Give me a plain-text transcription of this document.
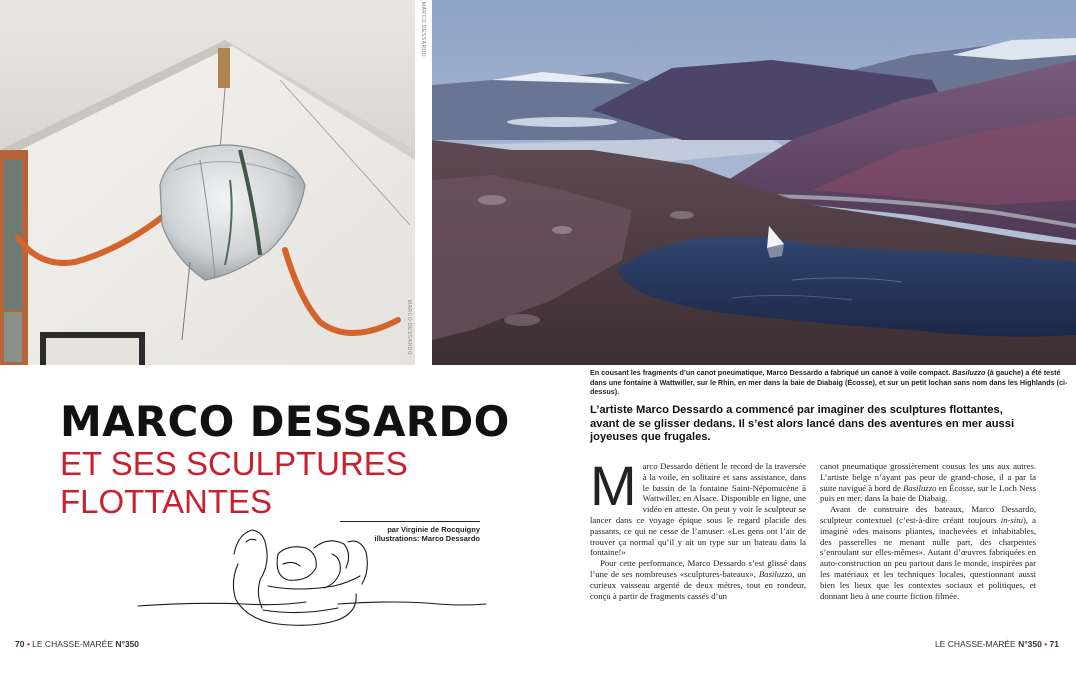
MARCO DESSARDO
MARCO DESSARDO
En cousant les fragments d’un canot pneumatique, Marco Dessardo a fabriqué un canoë à voile compact. Basiluzzo (à gauche) a été testé dans une fontaine à Wattwiller, sur le Rhin, en mer dans la baie de Diabaig (Écosse), et sur un petit lochan sans nom dans les Highlands (ci-dessus).
MARCO DESSARDO
ET SES SCULPTURES
FLOTTANTES
par Virginie de Rocquigny
illustrations: Marco Dessardo
L’artiste Marco Dessardo a commencé par imaginer des sculptures flottantes, avant de se glisser dedans. Il s’est alors lancé dans des aventures en mer aussi joyeuses que frugales.
M arco Dessardo détient le record de la traversée à la voile, en solitaire et sans assistance, dans le bassin de la fontaine Saint-Népomucène à Wattwiller, en Alsace. Disponible en ligne, une vidéo en atteste. On peut y voir le sculpteur se lancer dans ce voyage épique sous le regard placide des passants, ce qui ne cesse de l’amuser: «Les gens ont l’air de trouver ça normal qu’il y ait un type sur un bateau dans la fontaine!»
Pour cette performance, Marco Dessardo s’est glissé dans l’une de ses nombreuses «sculptures-bateaux», Basiluzzo, un curieux vaisseau argenté de deux mètres, tout en rondeur, conçu à partir de fragments cassés d’un
canot pneumatique grossièrement cousus les uns aux autres. L’artiste belge n’ayant pas peur de grand-chose, il a par la suite navigué à bord de Basiluzzo en Écosse, sur le Loch Ness puis en mer, dans la baie de Diabaig.
Avant de construire des bateaux, Marco Dessardo, sculpteur contextuel (c’est-à-dire créant toujours in-situ), a imaginé «des maisons pliantes, inachevées et inhabitables, des passerelles ne menant nulle part, des charpentes s’enroulant sur elles-mêmes». Autant d’œuvres fabriquées en auto-construction un peu partout dans le monde, inspirées par les matériaux et les techniques locales, questionnant aussi bien les lieux que les contextes sociaux et politiques, et donnant lieu à une courte fiction filmée.
70 • LE CHASSE-MARÉE N°350	LE CHASSE-MARÉE N°350 • 71
